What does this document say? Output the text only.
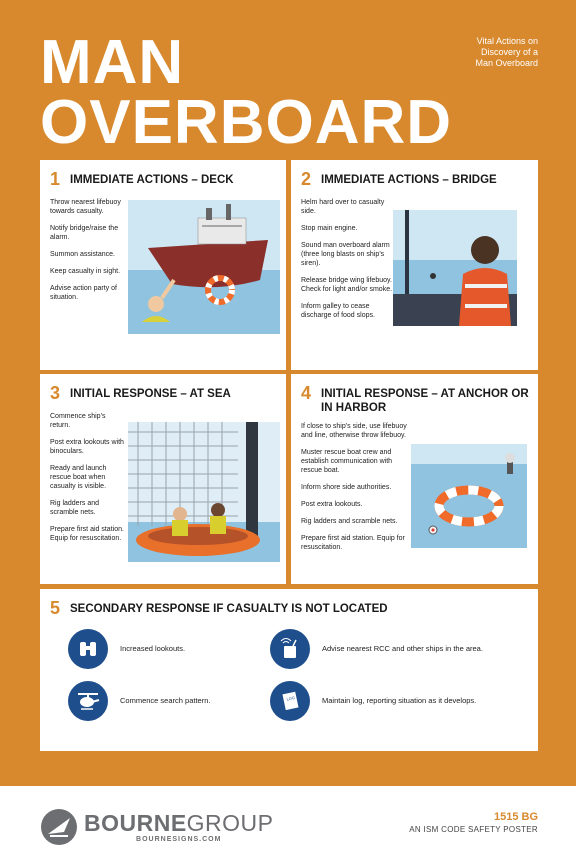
MAN
OVERBOARD
Vital Actions on
Discovery of a
Man Overboard
1 IMMEDIATE ACTIONS – DECK
Throw nearest lifebuoy towards casualty.
Notify bridge/raise the alarm.
Summon assistance.
Keep casualty in sight.
Advise action party of situation.
2 IMMEDIATE ACTIONS – BRIDGE
Helm hard over to casualty side.
Stop main engine.
Sound man overboard alarm (three long blasts on ship’s siren).
Release bridge wing lifebuoy. Check for light and/or smoke.
Inform galley to cease discharge of food slops.
3 INITIAL RESPONSE – AT SEA
Commence ship’s return.
Post extra lookouts with binoculars.
Ready and launch rescue boat when casualty is visible.
Rig ladders and scramble nets.
Prepare first aid station. Equip for resuscitation.
4 INITIAL RESPONSE – AT ANCHOR OR IN HARBOR
If close to ship’s side, use lifebuoy and line, otherwise throw lifebuoy.
Muster rescue boat crew and establish communication with rescue boat.
Inform shore side authorities.
Post extra lookouts.
Rig ladders and scramble nets.
Prepare first aid station. Equip for resuscitation.
5 SECONDARY RESPONSE IF CASUALTY IS NOT LOCATED
Increased lookouts.
Commence search pattern.
Advise nearest RCC and other ships in the area.
LOG	Maintain log, reporting situation as it develops.
BOURNEGROUP
BOURNESIGNS.COM
1515 BG
AN ISM CODE SAFETY POSTER
